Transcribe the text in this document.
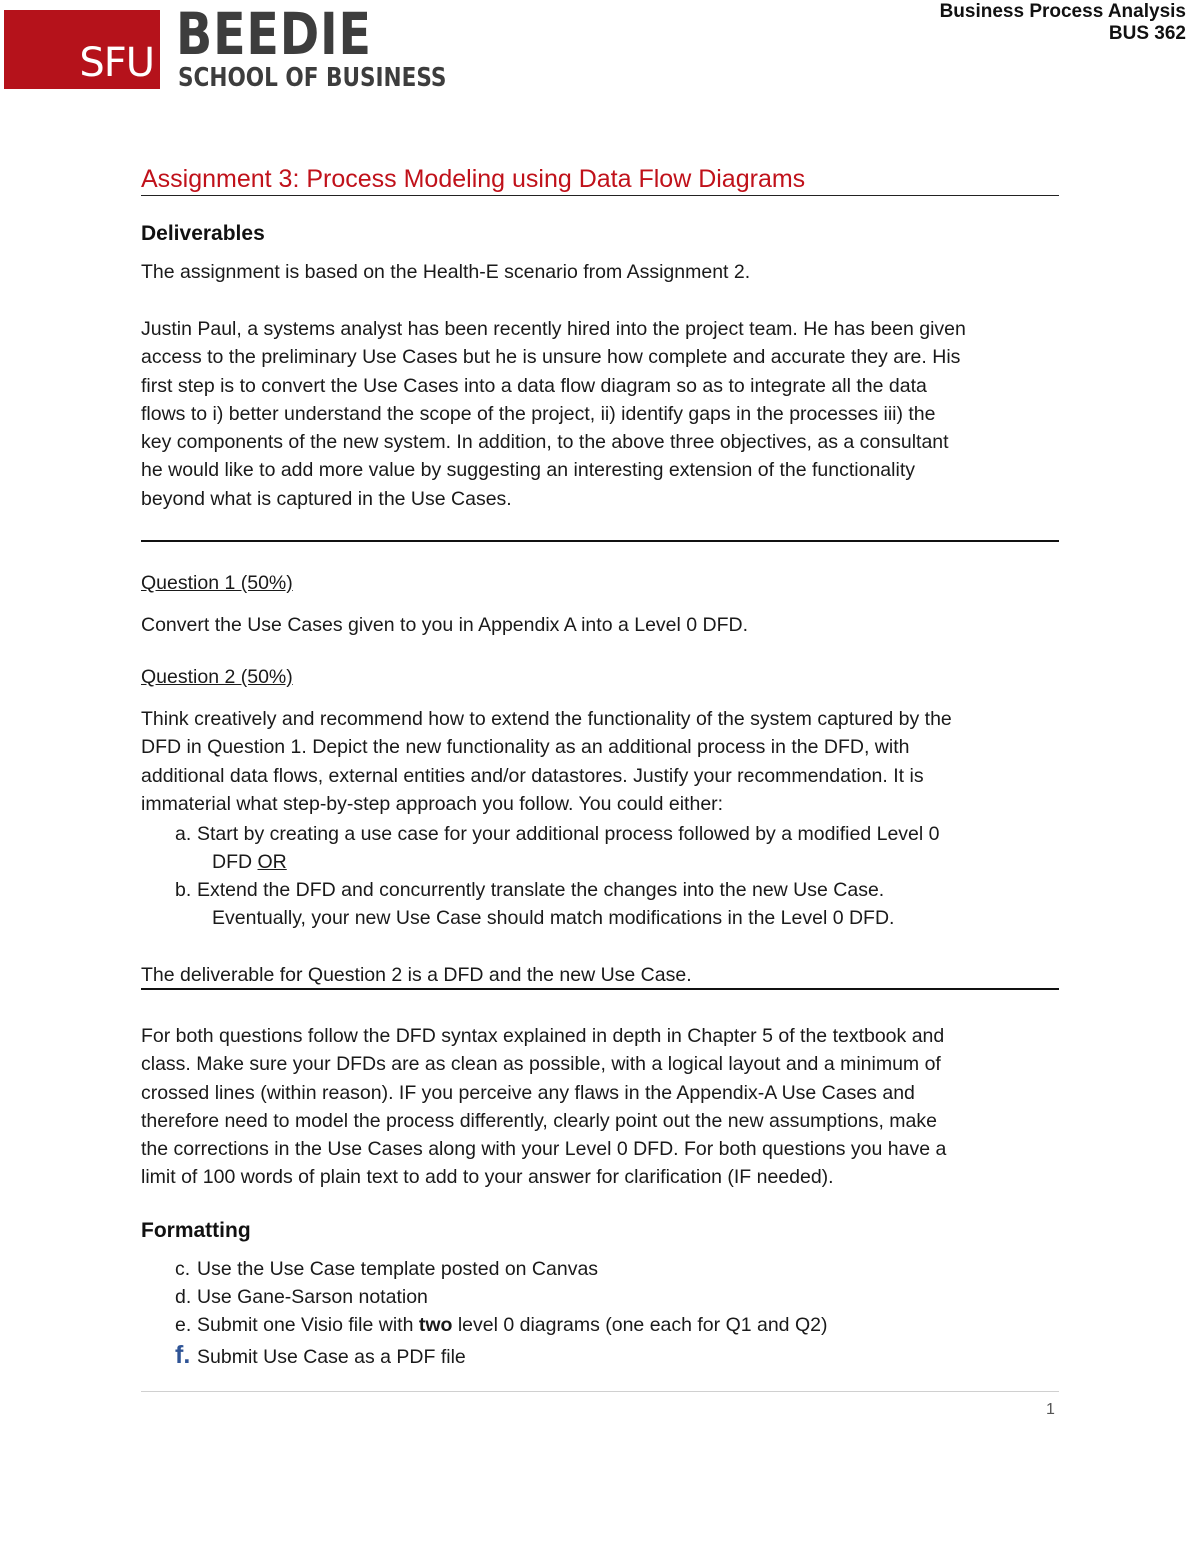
SFU BEEDIE
SCHOOL OF BUSINESS
Business Process Analysis
BUS 362
Assignment 3: Process Modeling using Data Flow Diagrams
Deliverables
The assignment is based on the Health-E scenario from Assignment 2.
Justin Paul, a systems analyst has been recently hired into the project team. He has been given
access to the preliminary Use Cases but he is unsure how complete and accurate they are. His
first step is to convert the Use Cases into a data flow diagram so as to integrate all the data
flows to i) better understand the scope of the project, ii) identify gaps in the processes iii) the
key components of the new system. In addition, to the above three objectives, as a consultant
he would like to add more value by suggesting an interesting extension of the functionality
beyond what is captured in the Use Cases.
Question 1 (50%)
Convert the Use Cases given to you in Appendix A into a Level 0 DFD.
Question 2 (50%)
Think creatively and recommend how to extend the functionality of the system captured by the
DFD in Question 1. Depict the new functionality as an additional process in the DFD, with
additional data flows, external entities and/or datastores. Justify your recommendation. It is
immaterial what step-by-step approach you follow. You could either:
a. Start by creating a use case for your additional process followed by a modified Level 0
DFD OR
b. Extend the DFD and concurrently translate the changes into the new Use Case.
Eventually, your new Use Case should match modifications in the Level 0 DFD.
The deliverable for Question 2 is a DFD and the new Use Case.
For both questions follow the DFD syntax explained in depth in Chapter 5 of the textbook and
class. Make sure your DFDs are as clean as possible, with a logical layout and a minimum of
crossed lines (within reason). IF you perceive any flaws in the Appendix-A Use Cases and
therefore need to model the process differently, clearly point out the new assumptions, make
the corrections in the Use Cases along with your Level 0 DFD. For both questions you have a
limit of 100 words of plain text to add to your answer for clarification (IF needed).
Formatting
c. Use the Use Case template posted on Canvas
d. Use Gane-Sarson notation
e. Submit one Visio file with two level 0 diagrams (one each for Q1 and Q2)
f. Submit Use Case as a PDF file
1
